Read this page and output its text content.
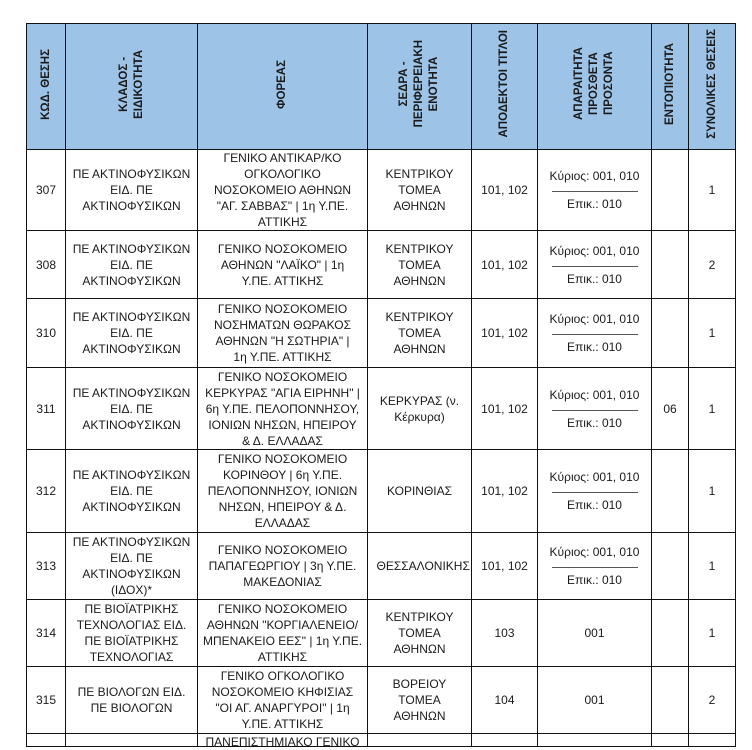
ΚΩΔ. ΘΕΣΗΣ	ΚΛΑΔΟΣ -
ΕΙΔΙΚΟΤΗΤΑ	ΦΟΡΕΑΣ	ΣΕΔΡΑ -
ΠΕΡΙΦΕΡΕΙΑΚΗ
ΕΝΟΤΗΤΑ	ΑΠΟΔΕΚΤΟΙ ΤΙΤΛΟΙ	ΑΠΑΡΑΙΤΗΤΑ
ΠΡΟΣΘΕΤΑ
ΠΡΟΣΟΝΤΑ	ΕΝΤΟΠΙΟΤΗΤΑ	ΣΥΝΟΛΙΚΕΣ ΘΕΣΕΙΣ
307	ΠΕ ΑΚΤΙΝΟΦΥΣΙΚΩΝ ΕΙΔ. ΠΕ ΑΚΤΙΝΟΦΥΣΙΚΩΝ	ΓΕΝΙΚΟ ΑΝΤΙΚΑΡ/ΚΟ ΟΓΚΟΛΟΓΙΚΟ ΝΟΣΟΚΟΜΕΙΟ ΑΘΗΝΩΝ "ΑΓ. ΣΑΒΒΑΣ" | 1η Υ.ΠΕ. ΑΤΤΙΚΗΣ	ΚΕΝΤΡΙΚΟΥ ΤΟΜΕΑ ΑΘΗΝΩΝ	101, 102	Κύριος: 001, 010
Επικ.: 010		1
308	ΠΕ ΑΚΤΙΝΟΦΥΣΙΚΩΝ ΕΙΔ. ΠΕ ΑΚΤΙΝΟΦΥΣΙΚΩΝ	ΓΕΝΙΚΟ ΝΟΣΟΚΟΜΕΙΟ ΑΘΗΝΩΝ "ΛΑΪΚΟ" | 1η Υ.ΠΕ. ΑΤΤΙΚΗΣ	ΚΕΝΤΡΙΚΟΥ ΤΟΜΕΑ ΑΘΗΝΩΝ	101, 102	Κύριος: 001, 010
Επικ.: 010		2
310	ΠΕ ΑΚΤΙΝΟΦΥΣΙΚΩΝ ΕΙΔ. ΠΕ ΑΚΤΙΝΟΦΥΣΙΚΩΝ	ΓΕΝΙΚΟ ΝΟΣΟΚΟΜΕΙΟ ΝΟΣΗΜΑΤΩΝ ΘΩΡΑΚΟΣ ΑΘΗΝΩΝ "Η ΣΩΤΗΡΙΑ" | 1η Υ.ΠΕ. ΑΤΤΙΚΗΣ	ΚΕΝΤΡΙΚΟΥ ΤΟΜΕΑ ΑΘΗΝΩΝ	101, 102	Κύριος: 001, 010
Επικ.: 010		1
311	ΠΕ ΑΚΤΙΝΟΦΥΣΙΚΩΝ ΕΙΔ. ΠΕ ΑΚΤΙΝΟΦΥΣΙΚΩΝ	ΓΕΝΙΚΟ ΝΟΣΟΚΟΜΕΙΟ ΚΕΡΚΥΡΑΣ "ΑΓΙΑ ΕΙΡΗΝΗ" | 6η Υ.ΠΕ. ΠΕΛΟΠΟΝΝΗΣΟΥ, ΙΟΝΙΩΝ ΝΗΣΩΝ, ΗΠΕΙΡΟΥ & Δ. ΕΛΛΑΔΑΣ	ΚΕΡΚΥΡΑΣ (ν. Κέρκυρα)	101, 102	Κύριος: 001, 010
Επικ.: 010	06	1
312	ΠΕ ΑΚΤΙΝΟΦΥΣΙΚΩΝ ΕΙΔ. ΠΕ ΑΚΤΙΝΟΦΥΣΙΚΩΝ	ΓΕΝΙΚΟ ΝΟΣΟΚΟΜΕΙΟ ΚΟΡΙΝΘΟΥ | 6η Υ.ΠΕ. ΠΕΛΟΠΟΝΝΗΣΟΥ, ΙΟΝΙΩΝ ΝΗΣΩΝ, ΗΠΕΙΡΟΥ & Δ. ΕΛΛΑΔΑΣ	ΚΟΡΙΝΘΙΑΣ	101, 102	Κύριος: 001, 010
Επικ.: 010		1
313	ΠΕ ΑΚΤΙΝΟΦΥΣΙΚΩΝ ΕΙΔ. ΠΕ ΑΚΤΙΝΟΦΥΣΙΚΩΝ (ΙΔΟΧ)*	ΓΕΝΙΚΟ ΝΟΣΟΚΟΜΕΙΟ ΠΑΠΑΓΕΩΡΓΙΟΥ | 3η Υ.ΠΕ. ΜΑΚΕΔΟΝΙΑΣ	ΘΕΣΣΑΛΟΝΙΚΗΣ	101, 102	Κύριος: 001, 010
Επικ.: 010		1
314	ΠΕ ΒΙΟΪΑΤΡΙΚΗΣ ΤΕΧΝΟΛΟΓΙΑΣ ΕΙΔ. ΠΕ ΒΙΟΪΑΤΡΙΚΗΣ ΤΕΧΝΟΛΟΓΙΑΣ	ΓΕΝΙΚΟ ΝΟΣΟΚΟΜΕΙΟ ΑΘΗΝΩΝ "ΚΟΡΓΙΑΛΕΝΕΙΟ/ΜΠΕΝΑΚΕΙΟ ΕΕΣ" | 1η Υ.ΠΕ. ΑΤΤΙΚΗΣ	ΚΕΝΤΡΙΚΟΥ ΤΟΜΕΑ ΑΘΗΝΩΝ	103	001		1
315	ΠΕ ΒΙΟΛΟΓΩΝ ΕΙΔ. ΠΕ ΒΙΟΛΟΓΩΝ	ΓΕΝΙΚΟ ΟΓΚΟΛΟΓΙΚΟ ΝΟΣΟΚΟΜΕΙΟ ΚΗΦΙΣΙΑΣ "ΟΙ ΑΓ. ΑΝΑΡΓΥΡΟΙ" | 1η Υ.ΠΕ. ΑΤΤΙΚΗΣ	ΒΟΡΕΙΟΥ ΤΟΜΕΑ ΑΘΗΝΩΝ	104	001		2

		ΠΑΝΕΠΙΣΤΗΜΙΑΚΟ ΓΕΝΙΚΟ					
